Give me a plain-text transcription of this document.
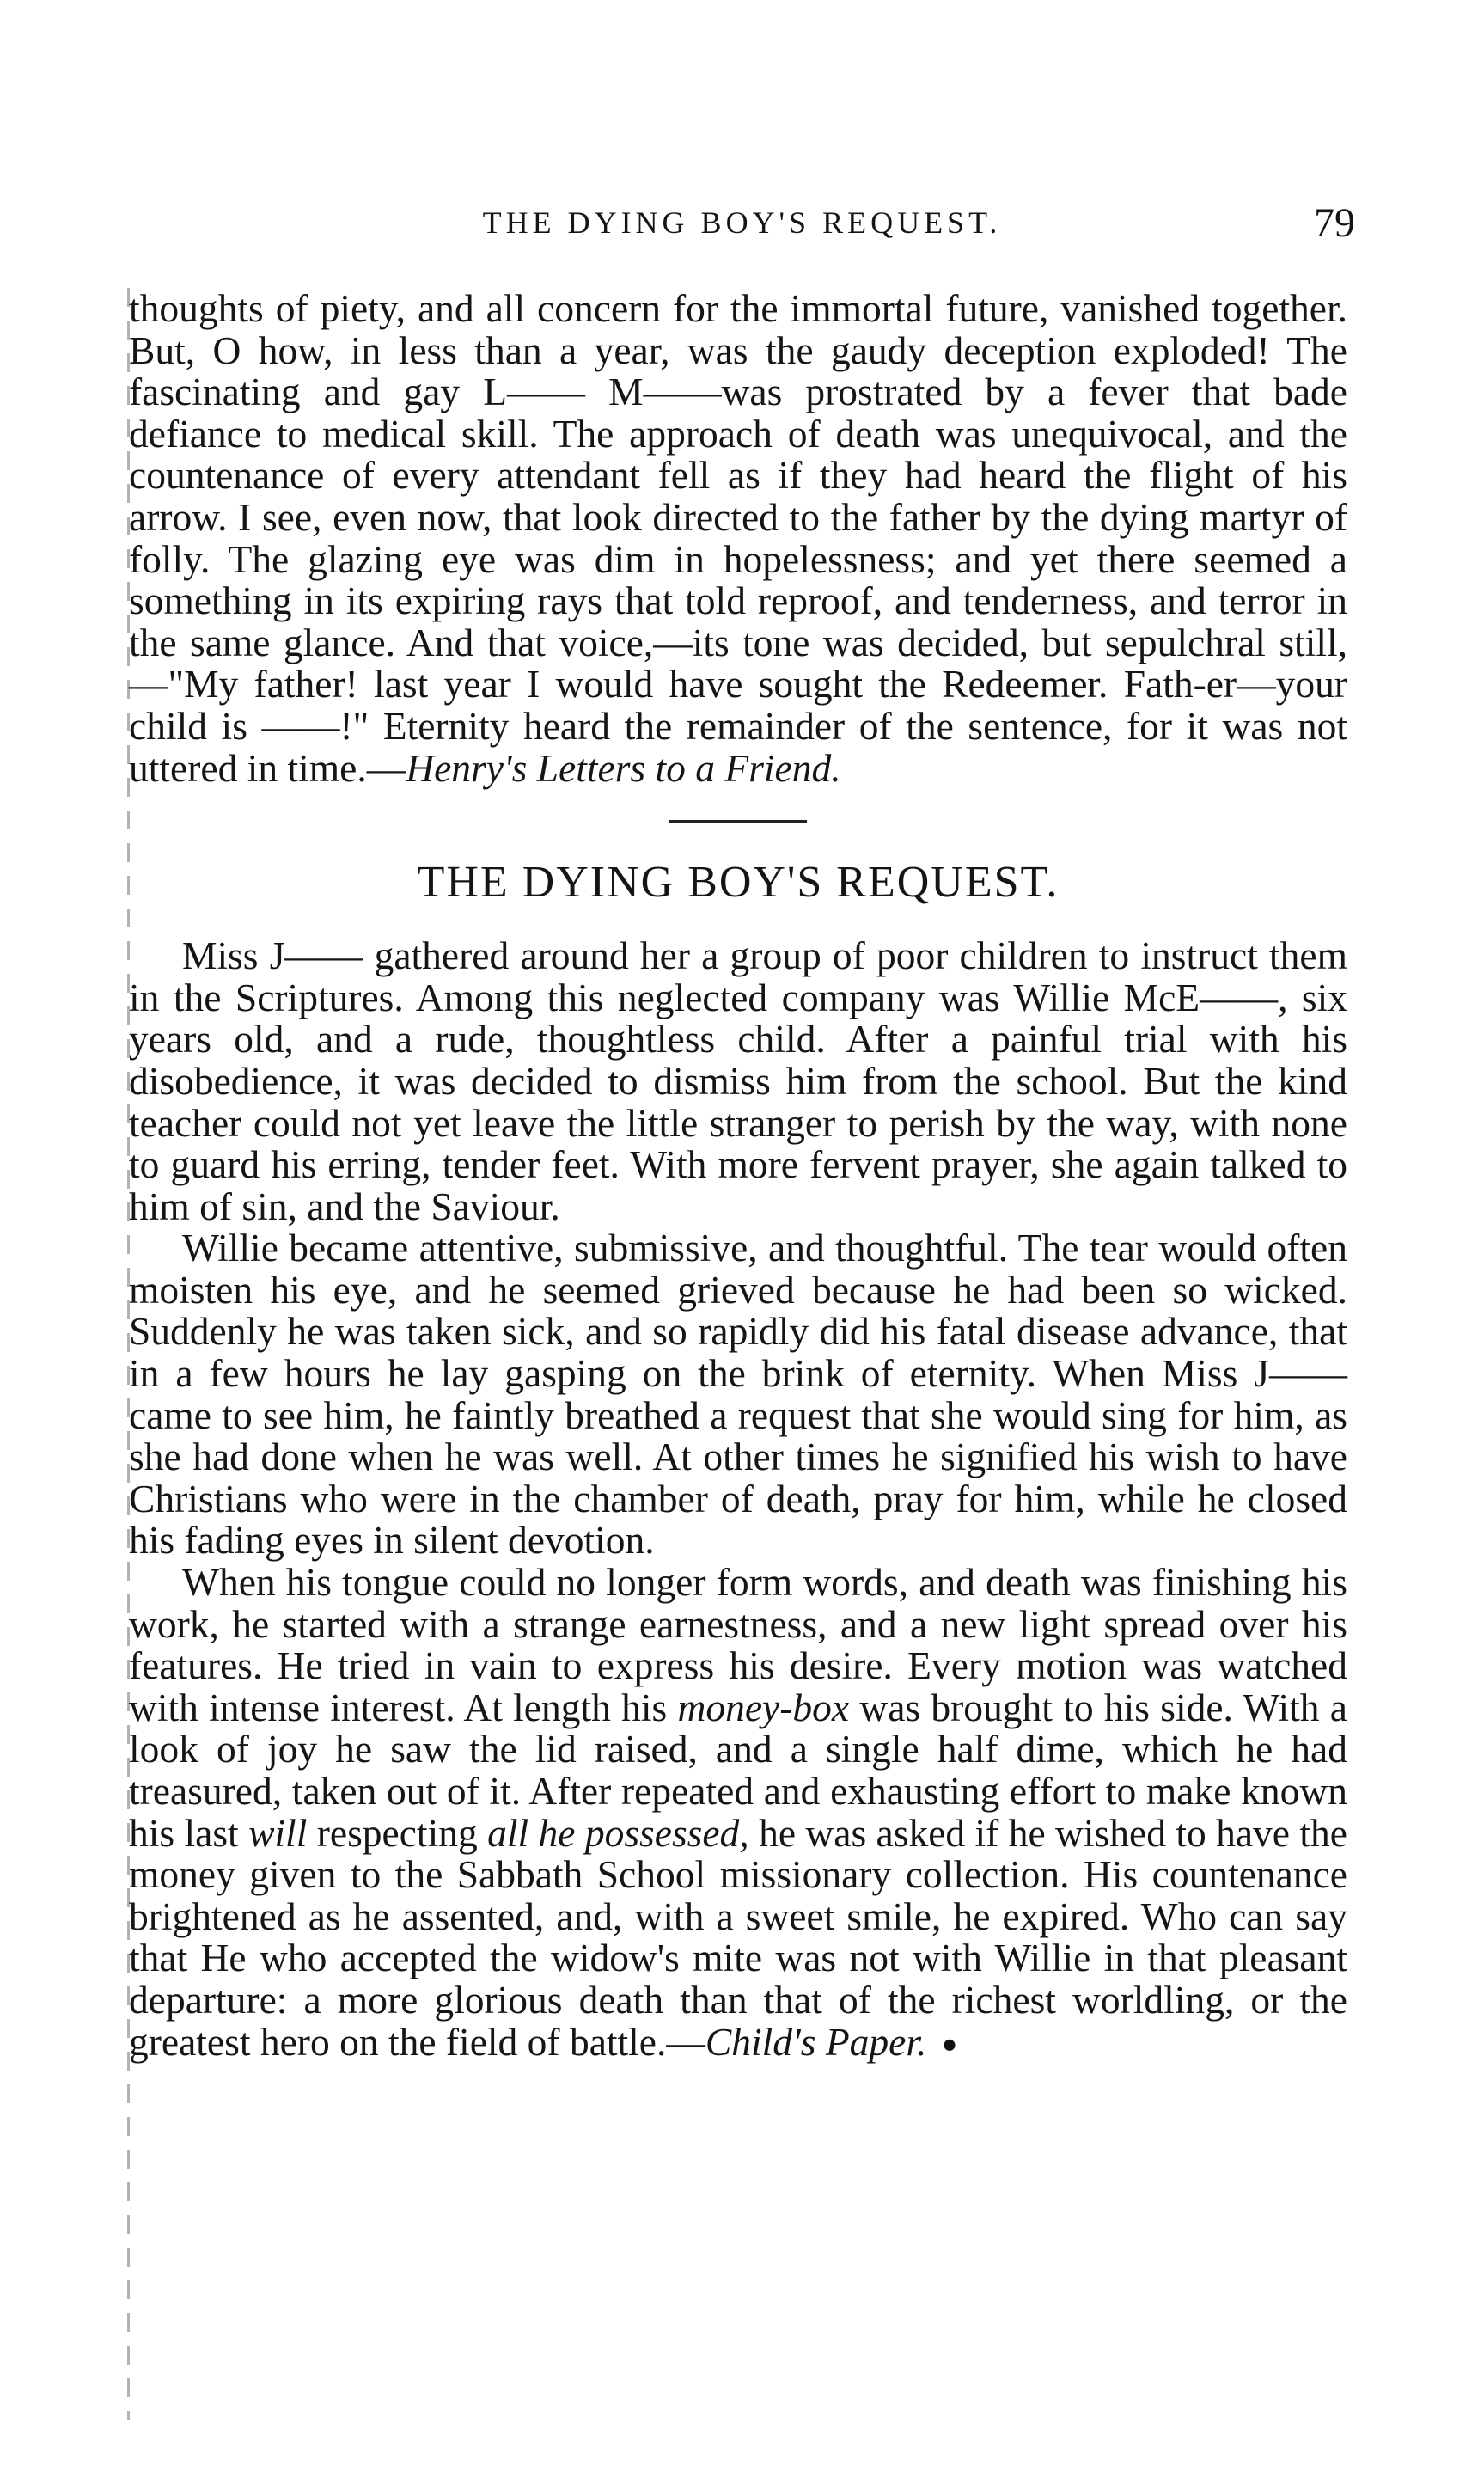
THE DYING BOY'S REQUEST.	79

thoughts of piety, and all concern for the immortal future, vanished together. But, O how, in less than a year, was the gaudy deception exploded! The fascinating and gay L—— M——was prostrated by a fever that bade defiance to medical skill. The approach of death was unequivocal, and the countenance of every attendant fell as if they had heard the flight of his arrow. I see, even now, that look directed to the father by the dying martyr of folly. The glazing eye was dim in hopelessness; and yet there seemed a something in its expiring rays that told reproof, and tenderness, and terror in the same glance. And that voice,—its tone was decided, but sepulchral still,—"My father! last year I would have sought the Redeemer. Fath-er—your child is ——!" Eternity heard the remainder of the sentence, for it was not uttered in time.—Henry's Letters to a Friend.

THE DYING BOY'S REQUEST.

Miss J—— gathered around her a group of poor children to instruct them in the Scriptures. Among this neglected company was Willie McE——, six years old, and a rude, thoughtless child. After a painful trial with his disobedience, it was decided to dismiss him from the school. But the kind teacher could not yet leave the little stranger to perish by the way, with none to guard his erring, tender feet. With more fervent prayer, she again talked to him of sin, and the Saviour.

Willie became attentive, submissive, and thoughtful. The tear would often moisten his eye, and he seemed grieved because he had been so wicked. Suddenly he was taken sick, and so rapidly did his fatal disease advance, that in a few hours he lay gasping on the brink of eternity. When Miss J—— came to see him, he faintly breathed a request that she would sing for him, as she had done when he was well. At other times he signified his wish to have Christians who were in the chamber of death, pray for him, while he closed his fading eyes in silent devotion.

When his tongue could no longer form words, and death was finishing his work, he started with a strange earnestness, and a new light spread over his features. He tried in vain to express his desire. Every motion was watched with intense interest. At length his money-box was brought to his side. With a look of joy he saw the lid raised, and a single half dime, which he had treasured, taken out of it. After repeated and exhausting effort to make known his last will respecting all he possessed, he was asked if he wished to have the money given to the Sabbath School missionary collection. His countenance brightened as he assented, and, with a sweet smile, he expired. Who can say that He who accepted the widow's mite was not with Willie in that pleasant departure: a more glorious death than that of the richest worldling, or the greatest hero on the field of battle.—Child's Paper.
